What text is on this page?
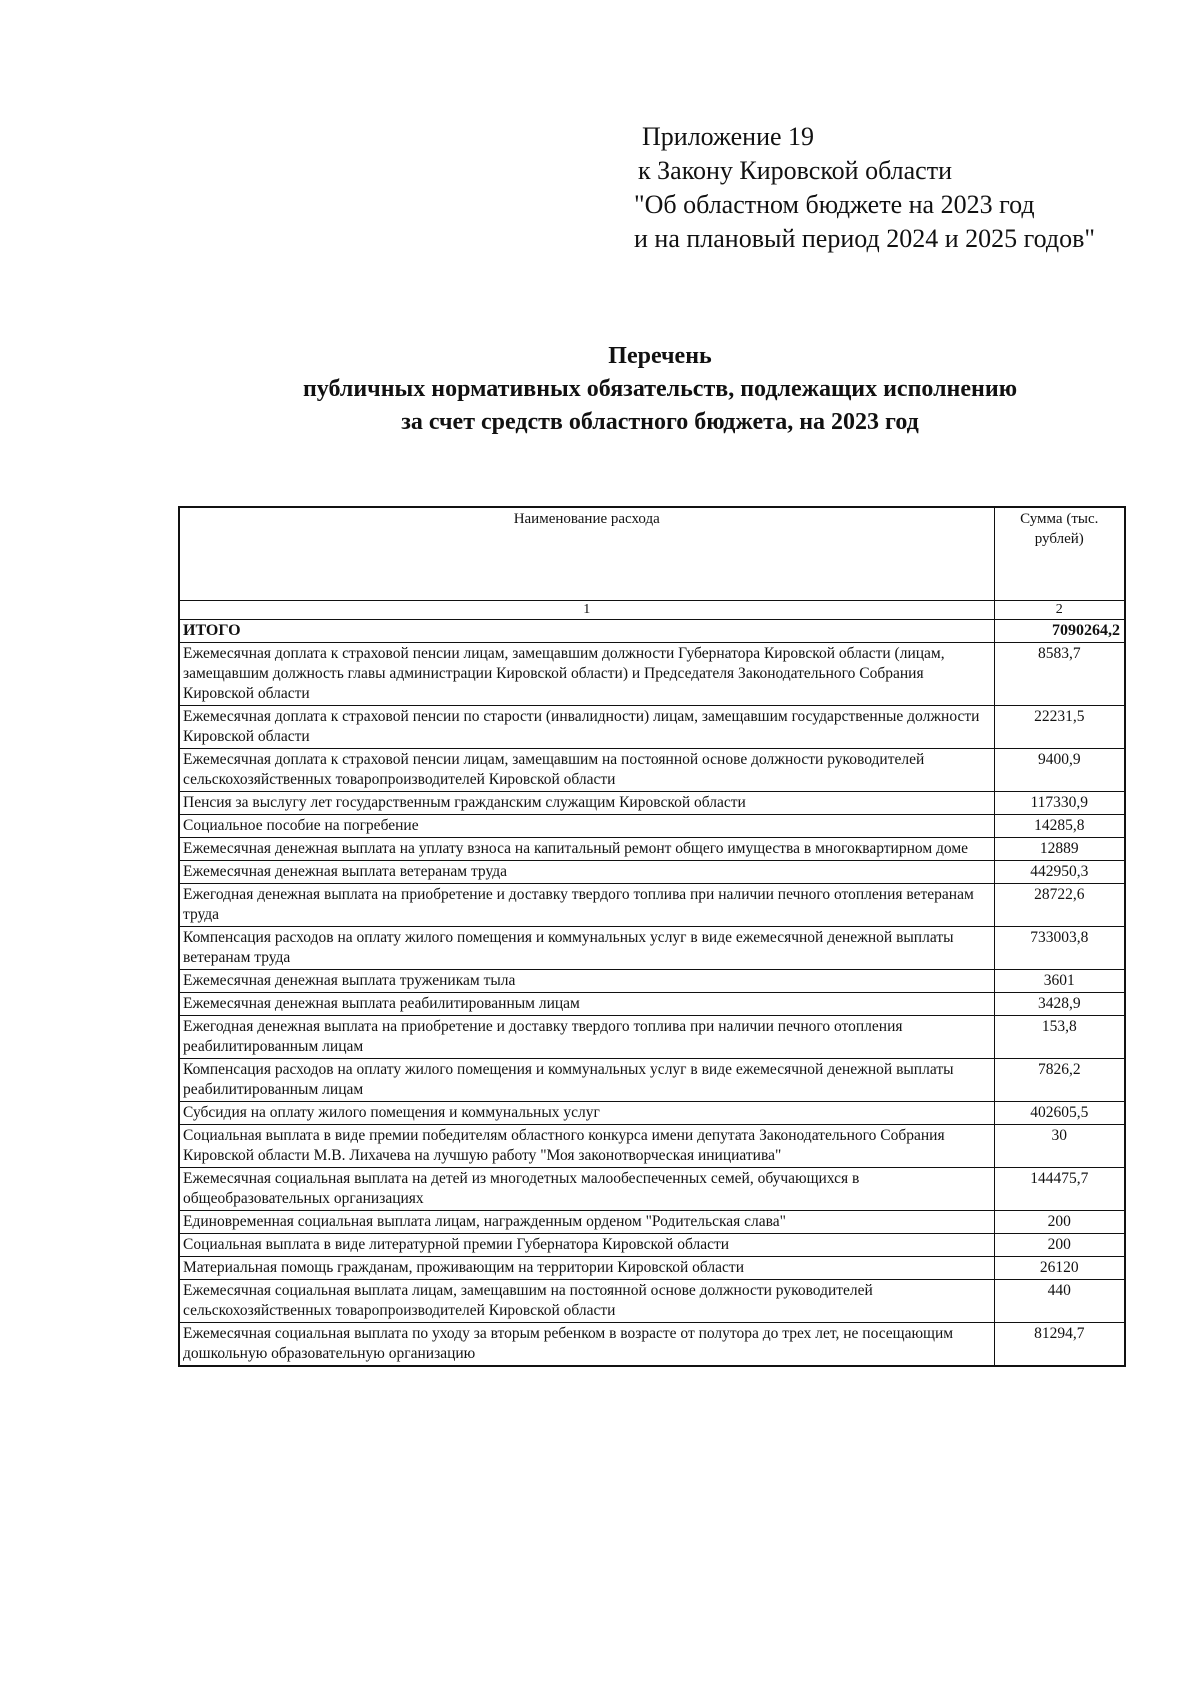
Приложение 19
к Закону Кировской области
"Об областном бюджете на 2023 год
и на плановый период 2024 и 2025 годов"
Перечень
публичных нормативных обязательств, подлежащих исполнению
за счет средств областного бюджета, на 2023 год
Наименование расхода	Сумма (тыс. рублей)
1	2
ИТОГО	7090264,2
Ежемесячная доплата к страховой пенсии лицам, замещавшим должности Губернатора Кировской области (лицам, замещавшим должность главы администрации Кировской области) и Председателя Законодательного Собрания Кировской области	8583,7
Ежемесячная доплата к страховой пенсии по старости (инвалидности) лицам, замещавшим государственные должности Кировской области	22231,5
Ежемесячная доплата к страховой пенсии лицам, замещавшим на постоянной основе должности руководителей сельскохозяйственных товаропроизводителей Кировской области	9400,9
Пенсия за выслугу лет государственным гражданским служащим Кировской области	117330,9
Социальное пособие на погребение	14285,8
Ежемесячная денежная выплата на уплату взноса на капитальный ремонт общего имущества в многоквартирном доме	12889
Ежемесячная денежная выплата ветеранам труда	442950,3
Ежегодная денежная выплата на приобретение и доставку твердого топлива при наличии печного отопления ветеранам труда	28722,6
Компенсация расходов на оплату жилого помещения и коммунальных услуг в виде ежемесячной денежной выплаты ветеранам труда	733003,8
Ежемесячная денежная выплата труженикам тыла	3601
Ежемесячная денежная выплата реабилитированным лицам	3428,9
Ежегодная денежная выплата на приобретение и доставку твердого топлива при наличии печного отопления реабилитированным лицам	153,8
Компенсация расходов на оплату жилого помещения и коммунальных услуг в виде ежемесячной денежной выплаты реабилитированным лицам	7826,2
Субсидия на оплату жилого помещения и коммунальных услуг	402605,5
Социальная выплата в виде премии победителям областного конкурса имени депутата Законодательного Собрания Кировской области М.В. Лихачева на лучшую работу "Моя законотворческая инициатива"	30
Ежемесячная социальная выплата на детей из многодетных малообеспеченных семей, обучающихся в общеобразовательных организациях	144475,7
Единовременная социальная выплата лицам, награжденным орденом "Родительская слава"	200
Социальная выплата в виде литературной премии Губернатора Кировской области	200
Материальная помощь гражданам, проживающим на территории Кировской области	26120
Ежемесячная социальная выплата лицам, замещавшим на постоянной основе должности руководителей сельскохозяйственных товаропроизводителей Кировской области	440
Ежемесячная социальная выплата по уходу за вторым ребенком в возрасте от полутора до трех лет, не посещающим дошкольную образовательную организацию	81294,7
